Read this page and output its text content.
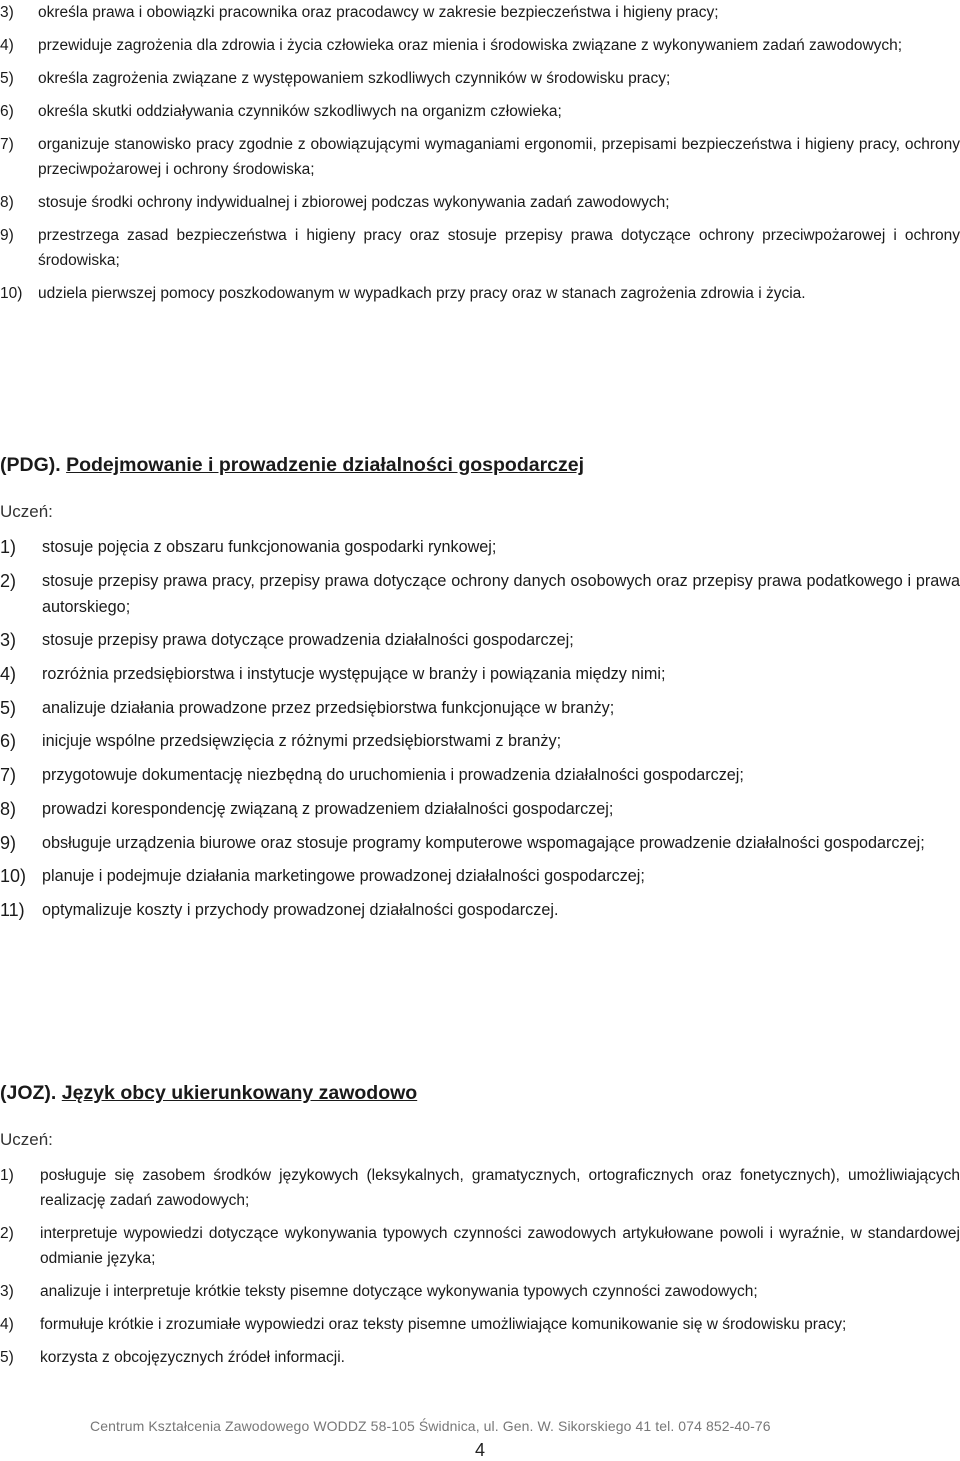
3) określa prawa i obowiązki pracownika oraz pracodawcy w zakresie bezpieczeństwa i higieny pracy;
4) przewiduje zagrożenia dla zdrowia i życia człowieka oraz mienia i środowiska związane z wykonywaniem zadań zawodowych;
5) określa zagrożenia związane z występowaniem szkodliwych czynników w środowisku pracy;
6) określa skutki oddziaływania czynników szkodliwych na organizm człowieka;
7) organizuje stanowisko pracy zgodnie z obowiązującymi wymaganiami ergonomii, przepisami bezpieczeństwa i higieny pracy, ochrony przeciwpożarowej i ochrony środowiska;
8) stosuje środki ochrony indywidualnej i zbiorowej podczas wykonywania zadań zawodowych;
9) przestrzega zasad bezpieczeństwa i higieny pracy oraz stosuje przepisy prawa dotyczące ochrony przeciwpożarowej i ochrony środowiska;
10) udziela pierwszej pomocy poszkodowanym w wypadkach przy pracy oraz w stanach zagrożenia zdrowia i życia.
(PDG). Podejmowanie i prowadzenie działalności gospodarczej
Uczeń:
1) stosuje pojęcia z obszaru funkcjonowania gospodarki rynkowej;
2) stosuje przepisy prawa pracy, przepisy prawa dotyczące ochrony danych osobowych oraz przepisy prawa podatkowego i prawa autorskiego;
3) stosuje przepisy prawa dotyczące prowadzenia działalności gospodarczej;
4) rozróżnia przedsiębiorstwa i instytucje występujące w branży i powiązania między nimi;
5) analizuje działania prowadzone przez przedsiębiorstwa funkcjonujące w branży;
6) inicjuje wspólne przedsięwzięcia z różnymi przedsiębiorstwami z branży;
7) przygotowuje dokumentację niezbędną do uruchomienia i prowadzenia działalności gospodarczej;
8) prowadzi korespondencję związaną z prowadzeniem działalności gospodarczej;
9) obsługuje urządzenia biurowe oraz stosuje programy komputerowe wspomagające prowadzenie działalności gospodarczej;
10) planuje i podejmuje działania marketingowe prowadzonej działalności gospodarczej;
11) optymalizuje koszty i przychody prowadzonej działalności gospodarczej.
(JOZ). Język obcy ukierunkowany zawodowo
Uczeń:
1) posługuje się zasobem środków językowych (leksykalnych, gramatycznych, ortograficznych oraz fonetycznych), umożliwiających realizację zadań zawodowych;
2) interpretuje wypowiedzi dotyczące wykonywania typowych czynności zawodowych artykułowane powoli i wyraźnie, w standardowej odmianie języka;
3) analizuje i interpretuje krótkie teksty pisemne dotyczące wykonywania typowych czynności zawodowych;
4) formułuje krótkie i zrozumiałe wypowiedzi oraz teksty pisemne umożliwiające komunikowanie się w środowisku pracy;
5) korzysta z obcojęzycznych źródeł informacji.
Centrum Kształcenia Zawodowego WODDZ 58-105 Świdnica, ul. Gen. W. Sikorskiego 41 tel. 074 852-40-76
4
